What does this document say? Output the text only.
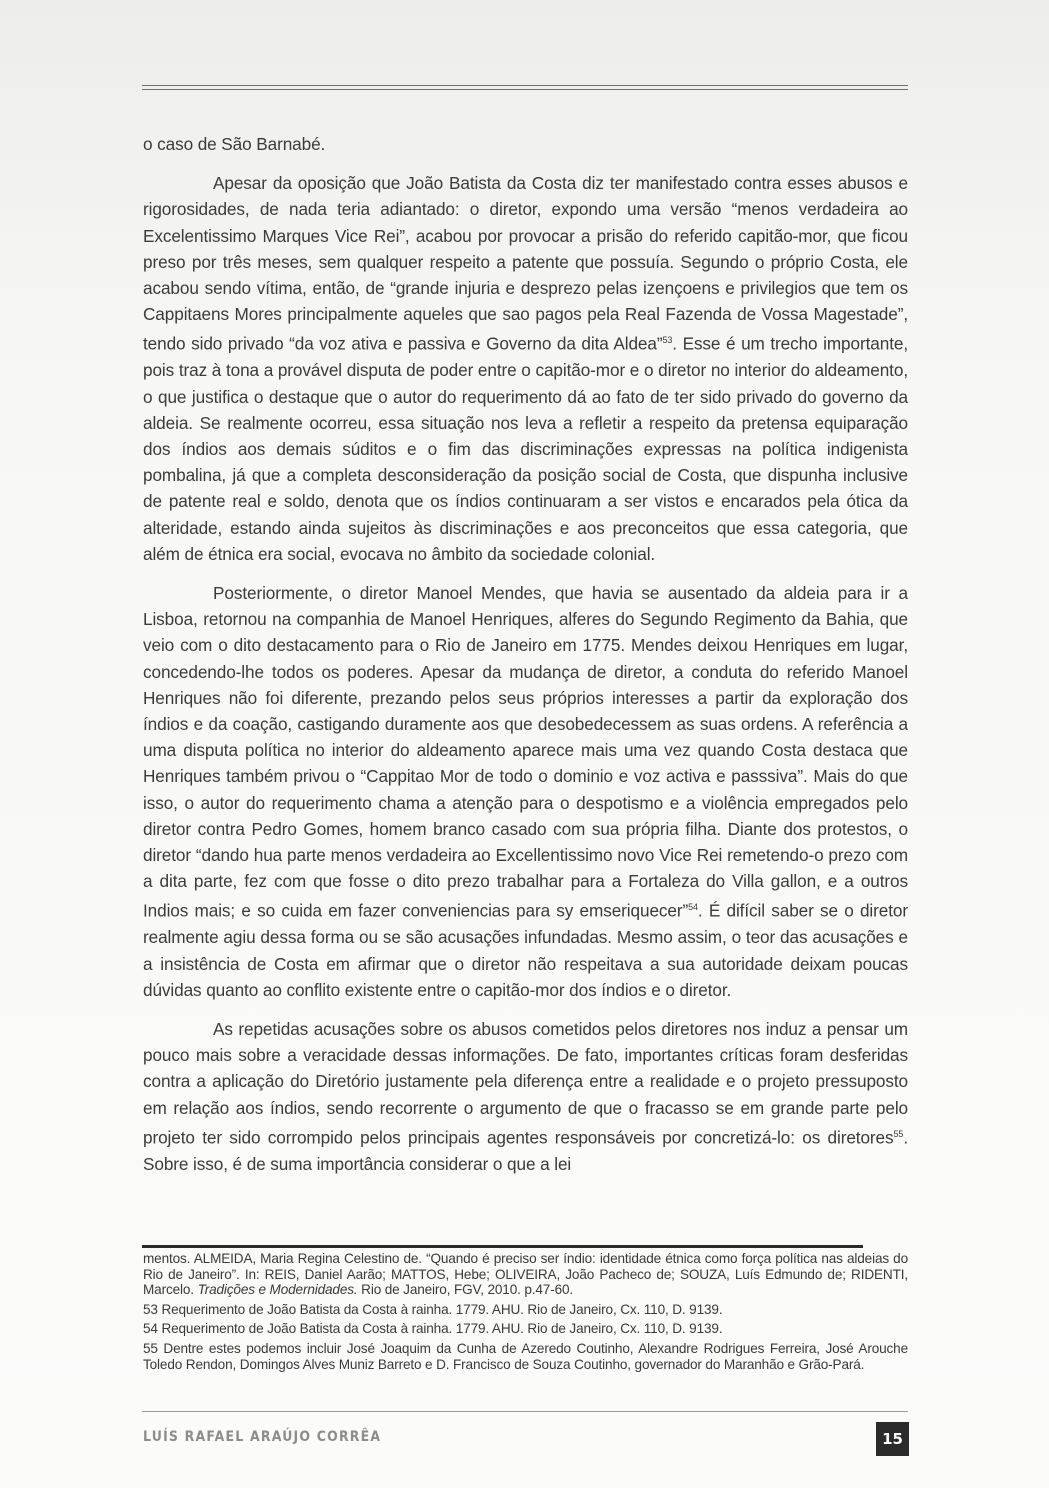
o caso de São Barnabé.

Apesar da oposição que João Batista da Costa diz ter manifestado contra esses abusos e rigorosidades, de nada teria adiantado: o diretor, expondo uma versão “menos verdadeira ao Excelentissimo Marques Vice Rei”, acabou por provocar a prisão do referido capitão-mor, que ficou preso por três meses, sem qualquer respeito a patente que possuía. Segundo o próprio Costa, ele acabou sendo vítima, então, de “grande injuria e desprezo pelas izençoens e privilegios que tem os Cappitaens Mores principalmente aqueles que sao pagos pela Real Fazenda de Vossa Magestade”, tendo sido privado “da voz ativa e passiva e Governo da dita Aldea”$^{53}$. Esse é um trecho importante, pois traz à tona a provável disputa de poder entre o capitão-mor e o diretor no interior do aldeamento, o que justifica o destaque que o autor do requerimento dá ao fato de ter sido privado do governo da aldeia. Se realmente ocorreu, essa situação nos leva a refletir a respeito da pretensa equiparação dos índios aos demais súditos e o fim das discriminações expressas na política indigenista pombalina, já que a completa desconsideração da posição social de Costa, que dispunha inclusive de patente real e soldo, denota que os índios continuaram a ser vistos e encarados pela ótica da alteridade, estando ainda sujeitos às discriminações e aos preconceitos que essa categoria, que além de étnica era social, evocava no âmbito da sociedade colonial.

Posteriormente, o diretor Manoel Mendes, que havia se ausentado da aldeia para ir a Lisboa, retornou na companhia de Manoel Henriques, alferes do Segundo Regimento da Bahia, que veio com o dito destacamento para o Rio de Janeiro em 1775. Mendes deixou Henriques em lugar, concedendo-lhe todos os poderes. Apesar da mudança de diretor, a conduta do referido Manoel Henriques não foi diferente, prezando pelos seus próprios interesses a partir da exploração dos índios e da coação, castigando duramente aos que desobedecessem as suas ordens. A referência a uma disputa política no interior do aldeamento aparece mais uma vez quando Costa destaca que Henriques também privou o “Cappitao Mor de todo o dominio e voz activa e passsiva”. Mais do que isso, o autor do requerimento chama a atenção para o despotismo e a violência empregados pelo diretor contra Pedro Gomes, homem branco casado com sua própria filha. Diante dos protestos, o diretor “dando hua parte menos verdadeira ao Excellentissimo novo Vice Rei remetendo-o prezo com a dita parte, fez com que fosse o dito prezo trabalhar para a Fortaleza do Villa gallon, e a outros Indios mais; e so cuida em fazer conveniencias para sy emseriquecer”$^{54}$. É difícil saber se o diretor realmente agiu dessa forma ou se são acusações infundadas. Mesmo assim, o teor das acusações e a insistência de Costa em afirmar que o diretor não respeitava a sua autoridade deixam poucas dúvidas quanto ao conflito existente entre o capitão-mor dos índios e o diretor.

As repetidas acusações sobre os abusos cometidos pelos diretores nos induz a pensar um pouco mais sobre a veracidade dessas informações. De fato, importantes críticas foram desferidas contra a aplicação do Diretório justamente pela diferença entre a realidade e o projeto pressuposto em relação aos índios, sendo recorrente o argumento de que o fracasso se em grande parte pelo projeto ter sido corrompido pelos principais agentes responsáveis por concretizá-lo: os diretores$^{55}$. Sobre isso, é de suma importância considerar o que a lei

mentos. ALMEIDA, Maria Regina Celestino de. “Quando é preciso ser índio: identidade étnica como força política nas aldeias do Rio de Janeiro”. In: REIS, Daniel Aarão; MATTOS, Hebe; OLIVEIRA, João Pacheco de; SOUZA, Luís Edmundo de; RIDENTI, Marcelo. Tradições e Modernidades. Rio de Janeiro, FGV, 2010. p.47-60.

53 Requerimento de João Batista da Costa à rainha. 1779. AHU. Rio de Janeiro, Cx. 110, D. 9139.

54 Requerimento de João Batista da Costa à rainha. 1779. AHU. Rio de Janeiro, Cx. 110, D. 9139.

55 Dentre estes podemos incluir José Joaquim da Cunha de Azeredo Coutinho, Alexandre Rodrigues Ferreira, José Arouche Toledo Rendon, Domingos Alves Muniz Barreto e D. Francisco de Souza Coutinho, governador do Maranhão e Grão-Pará.

LUÍS RAFAEL ARAÚJO CORRÊA	15
